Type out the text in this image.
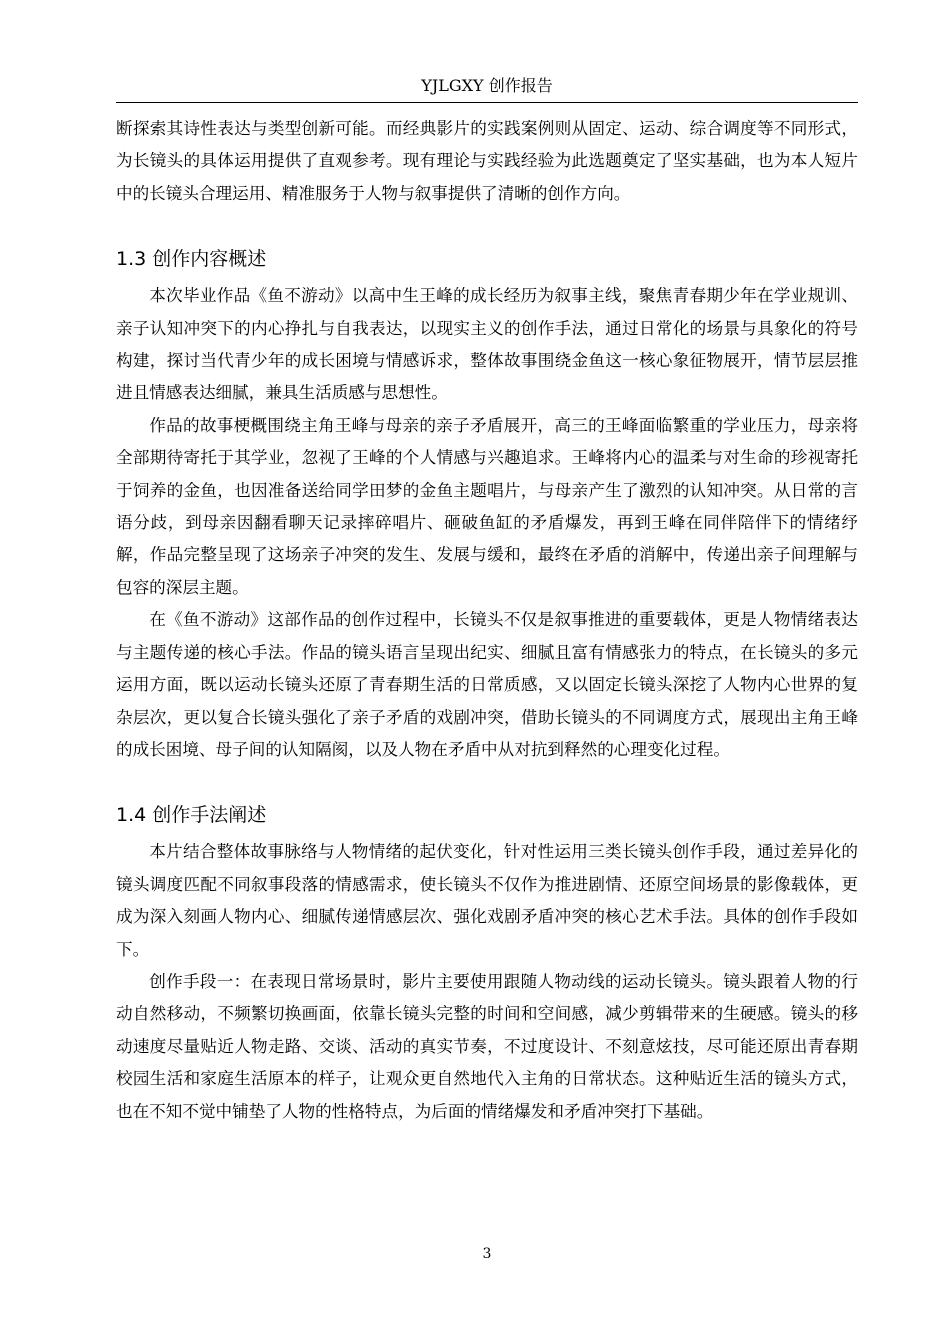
YJLGXY 创作报告

断探索其诗性表达与类型创新可能。而经典影片的实践案例则从固定、运动、综合调度等不同形式，为长镜头的具体运用提供了直观参考。现有理论与实践经验为此选题奠定了坚实基础，也为本人短片中的长镜头合理运用、精准服务于人物与叙事提供了清晰的创作方向。

1.3 创作内容概述

本次毕业作品《鱼不游动》以高中生王峰的成长经历为叙事主线，聚焦青春期少年在学业规训、亲子认知冲突下的内心挣扎与自我表达，以现实主义的创作手法，通过日常化的场景与具象化的符号构建，探讨当代青少年的成长困境与情感诉求，整体故事围绕金鱼这一核心象征物展开，情节层层推进且情感表达细腻，兼具生活质感与思想性。

作品的故事梗概围绕主角王峰与母亲的亲子矛盾展开，高三的王峰面临繁重的学业压力，母亲将全部期待寄托于其学业，忽视了王峰的个人情感与兴趣追求。王峰将内心的温柔与对生命的珍视寄托于饲养的金鱼，也因准备送给同学田梦的金鱼主题唱片，与母亲产生了激烈的认知冲突。从日常的言语分歧，到母亲因翻看聊天记录摔碎唱片、砸破鱼缸的矛盾爆发，再到王峰在同伴陪伴下的情绪纾解，作品完整呈现了这场亲子冲突的发生、发展与缓和，最终在矛盾的消解中，传递出亲子间理解与包容的深层主题。

在《鱼不游动》这部作品的创作过程中，长镜头不仅是叙事推进的重要载体，更是人物情绪表达与主题传递的核心手法。作品的镜头语言呈现出纪实、细腻且富有情感张力的特点，在长镜头的多元运用方面，既以运动长镜头还原了青春期生活的日常质感，又以固定长镜头深挖了人物内心世界的复杂层次，更以复合长镜头强化了亲子矛盾的戏剧冲突，借助长镜头的不同调度方式，展现出主角王峰的成长困境、母子间的认知隔阂，以及人物在矛盾中从对抗到释然的心理变化过程。

1.4 创作手法阐述

本片结合整体故事脉络与人物情绪的起伏变化，针对性运用三类长镜头创作手段，通过差异化的镜头调度匹配不同叙事段落的情感需求，使长镜头不仅作为推进剧情、还原空间场景的影像载体，更成为深入刻画人物内心、细腻传递情感层次、强化戏剧矛盾冲突的核心艺术手法。具体的创作手段如下。

创作手段一：在表现日常场景时，影片主要使用跟随人物动线的运动长镜头。镜头跟着人物的行动自然移动，不频繁切换画面，依靠长镜头完整的时间和空间感，减少剪辑带来的生硬感。镜头的移动速度尽量贴近人物走路、交谈、活动的真实节奏，不过度设计、不刻意炫技，尽可能还原出青春期校园生活和家庭生活原本的样子，让观众更自然地代入主角的日常状态。这种贴近生活的镜头方式，也在不知不觉中铺垫了人物的性格特点，为后面的情绪爆发和矛盾冲突打下基础。

3
